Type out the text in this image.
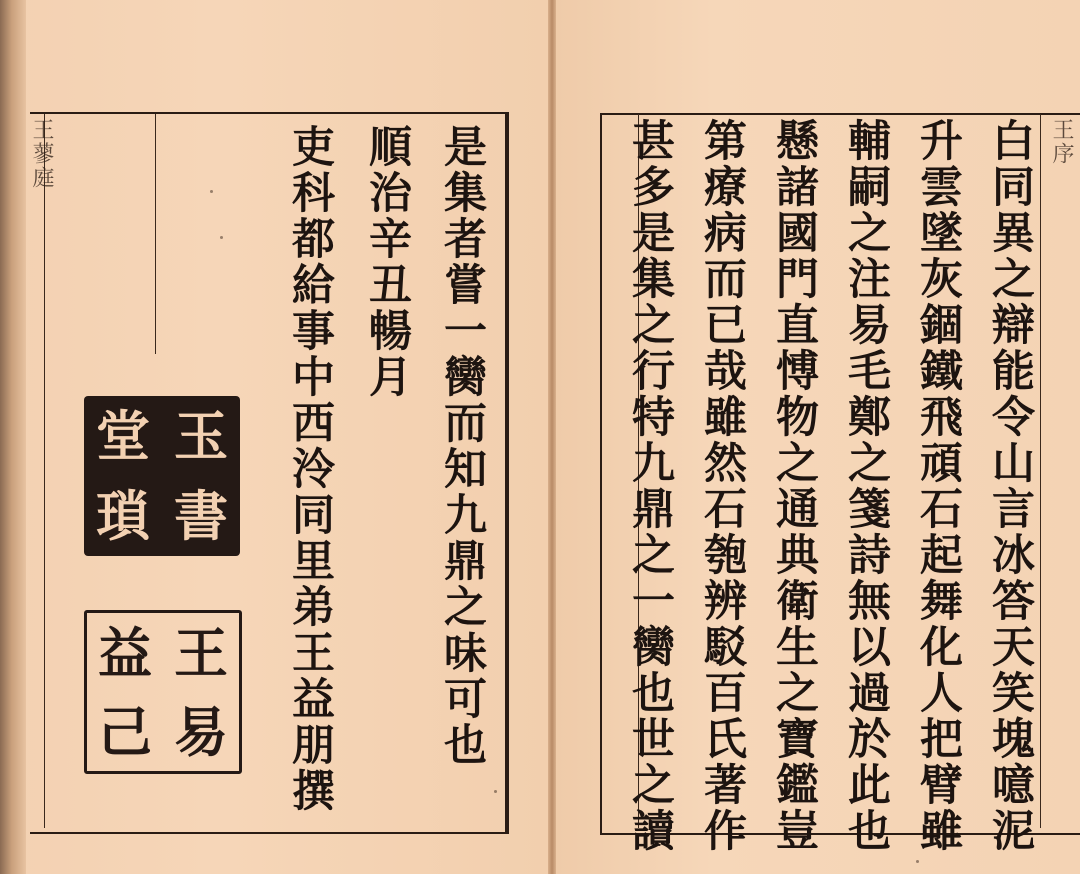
王蓼庭	是集者嘗一臠而知九鼎之味可也
順治辛丑暢月
吏科都給事中西泠同里弟王益朋撰
玉
堂
書
瑣
王
益
易
己
王序
白同異之辯能令山言冰答天笑塊噫泥
升雲墜灰錮鐵飛頑石起舞化人把臂雖
輔嗣之注易毛鄭之箋詩無以過於此也
懸諸國門直愽物之通典衛生之寶鑑豈
第療病而已哉雖然石匏辨駁百氏著作
甚多是集之行特九鼎之一臠也世之讀
